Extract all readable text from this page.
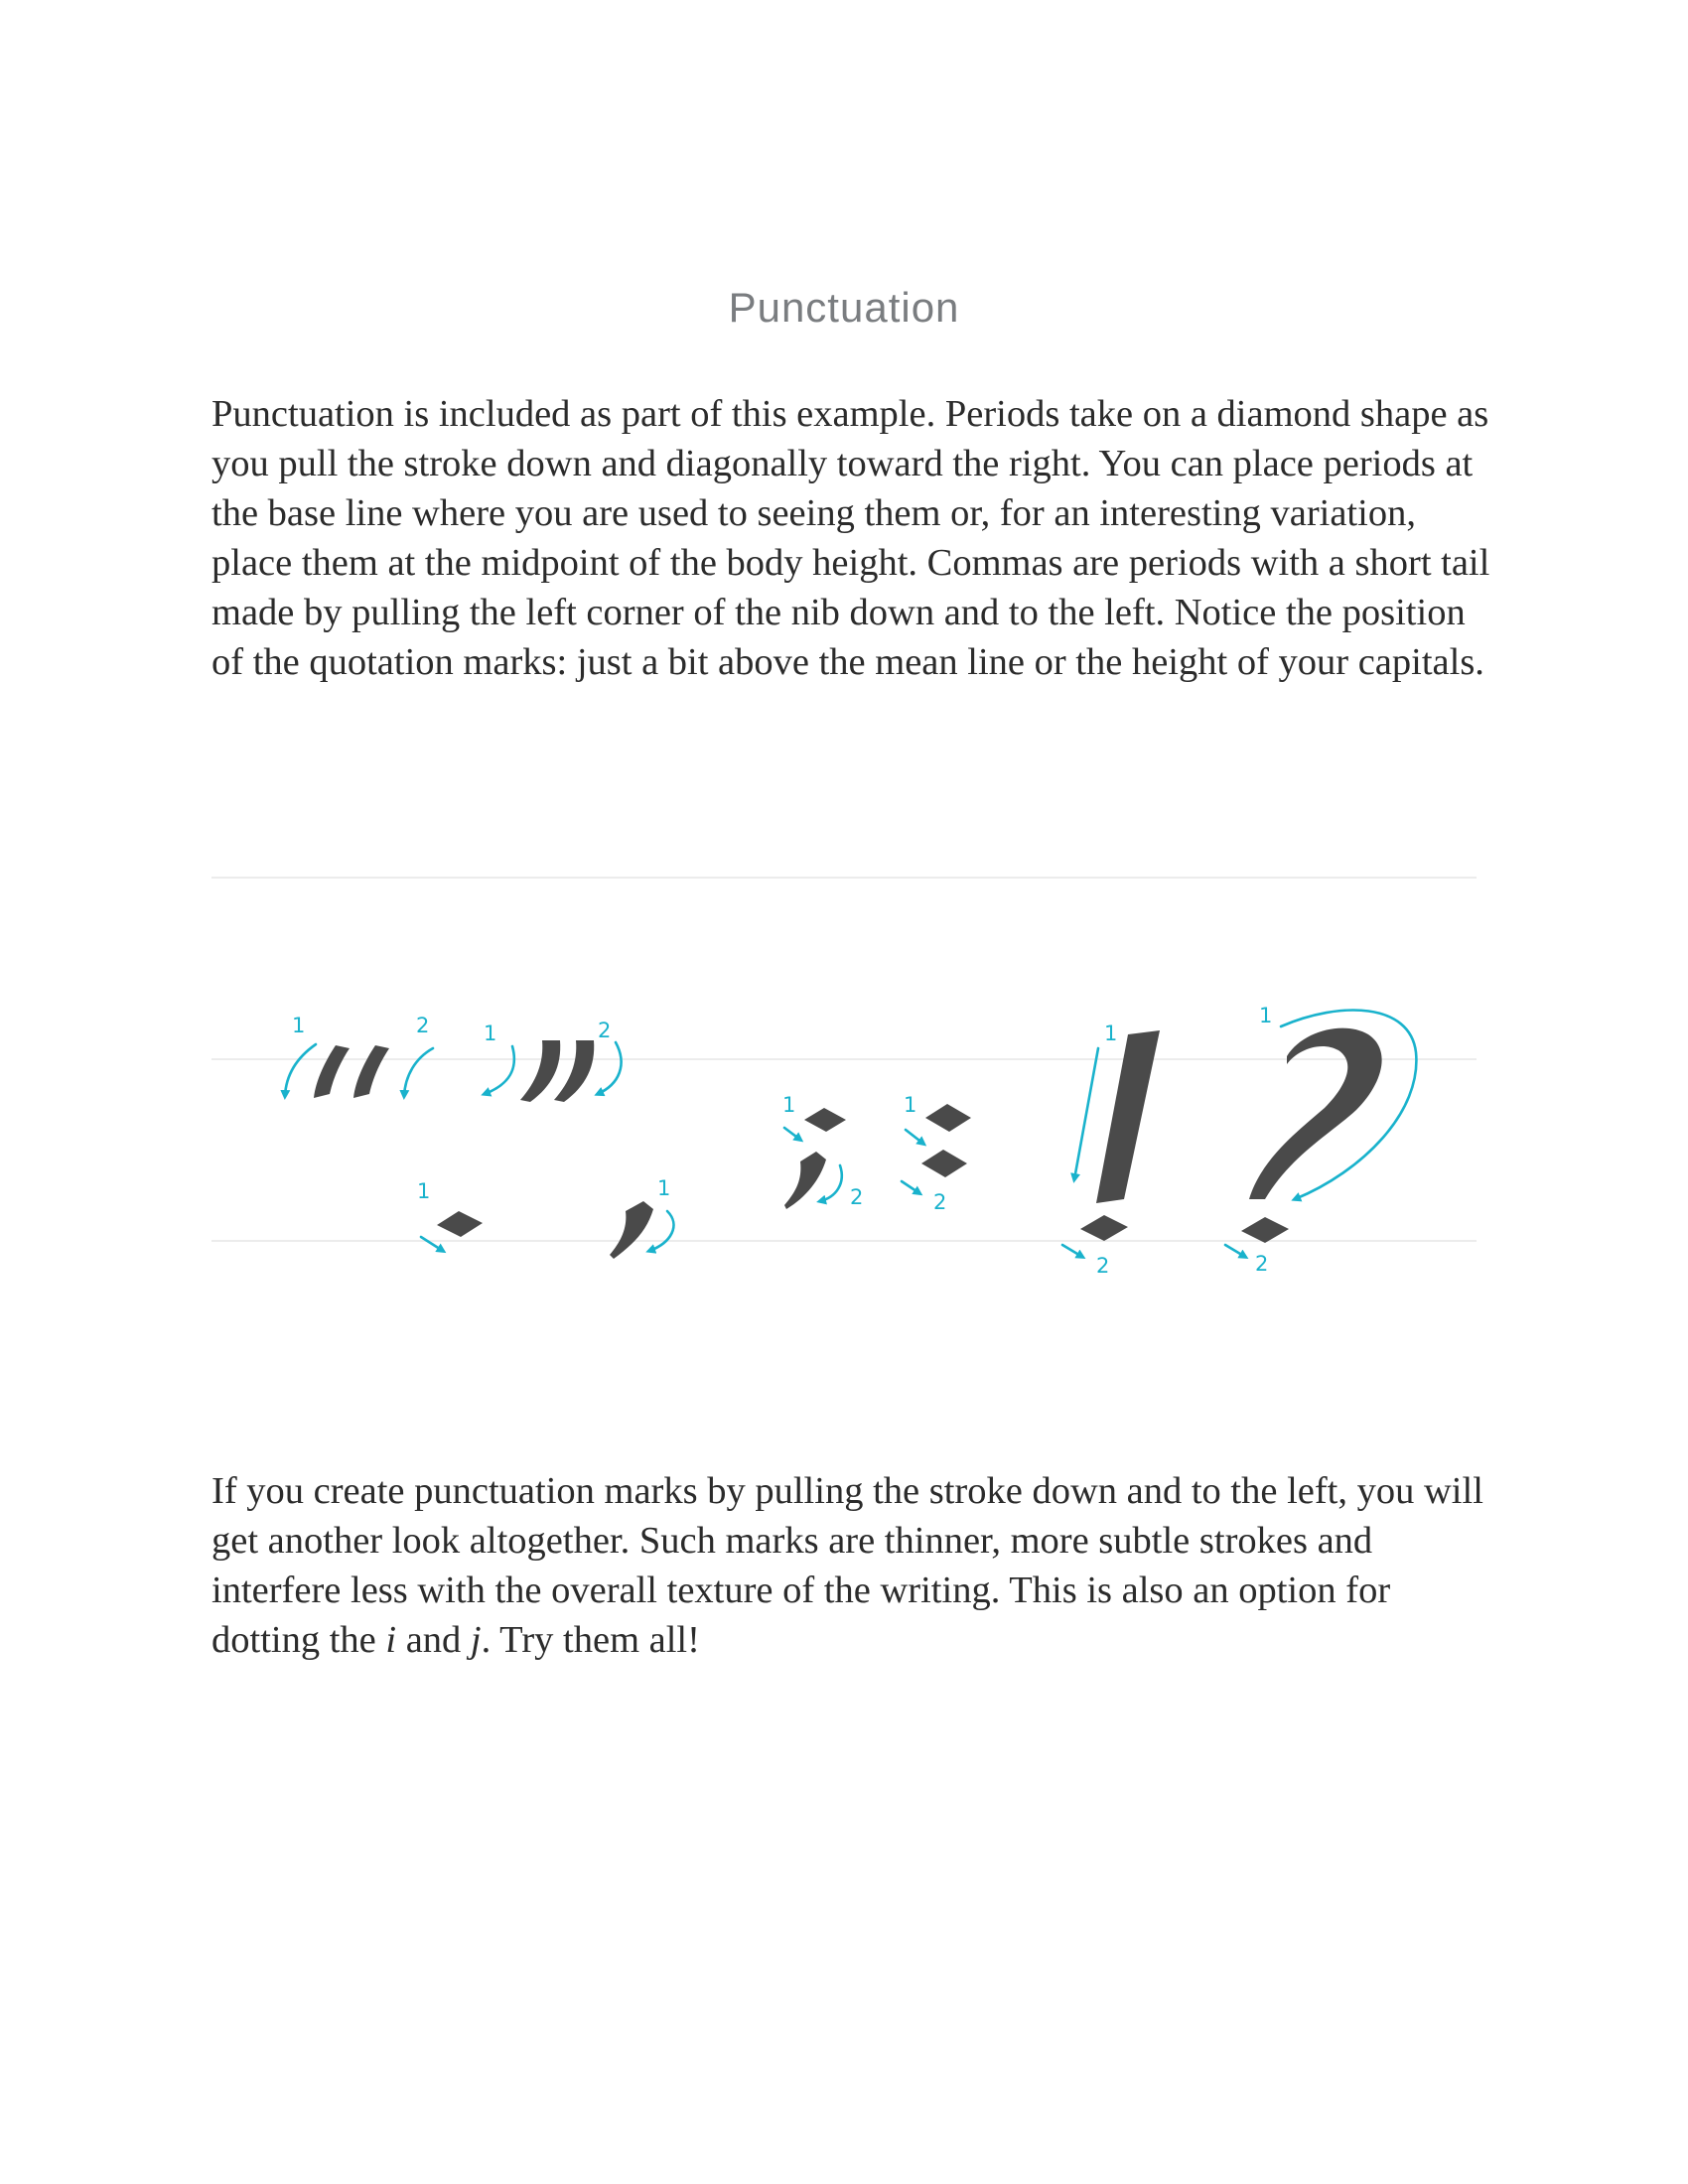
Punctuation

Punctuation is included as part of this example. Periods take on a diamond shape as you pull the stroke down and diagonally toward the right. You can place periods at the base line where you are used to seeing them or, for an interesting variation, place them at the midpoint of the body height. Commas are periods with a short tail made by pulling the left corner of the nib down and to the left. Notice the position of the quotation marks: just a bit above the mean line or the height of your capitals.

1	2	1	2
1	1
1
2
1
2
1
2
1
2

If you create punctuation marks by pulling the stroke down and to the left, you will get another look altogether. Such marks are thinner, more subtle strokes and interfere less with the overall texture of the writing. This is also an option for dotting the i and j. Try them all!
